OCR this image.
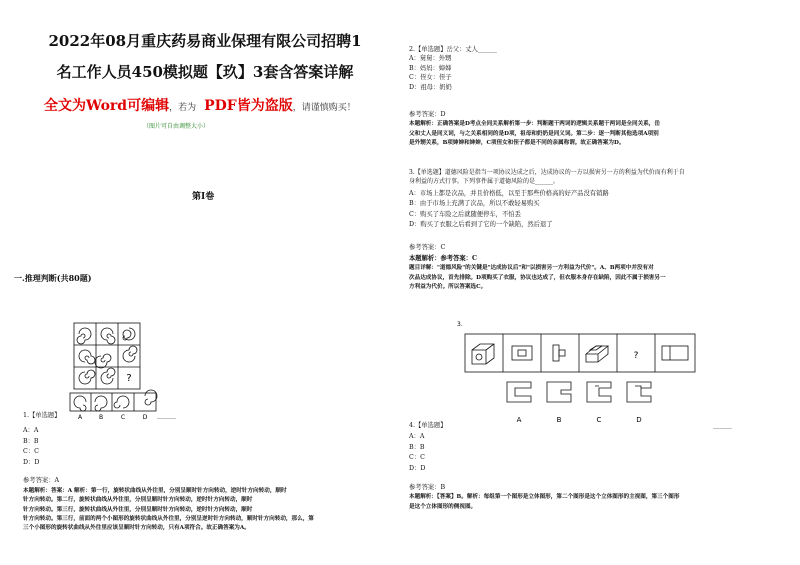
2022年08月重庆药易商业保理有限公司招聘1
名工作人员450模拟题【玖】3套含答案详解
全文为Word可编辑，若为 PDF皆为盗版，请谨慎购买！
（图片可自由调整大小）
第I卷
一.推理判断(共80题)
?
A	B	C	D
1.【单选题】	______
A：A
B：B
C：C
D：D
参考答案：A
本题解析：答案：A 解析：第一行，旋转状曲线从外往里，分别呈顺时针方向转动，逆时针方向转动，顺时
针方向转动。第二行，旋转状曲线从外往里，分别呈顺时针方向转动，逆时针方向转动，顺时
针方向转动。第三行，旋转状曲线从外往里，分别呈顺时针方向转动，逆时针方向转动，顺时
针方向转动。第三行，前面的两个小图形的旋转状曲线从外往里，分别呈逆时针方向转动，顺时针方向转动，那么，第
三个小图形的旋转状曲线从外往里应该呈顺时针方向转动，只有A项符合。故正确答案为A。
2.【单选题】岳父：丈人______
A：舅舅：外甥
B：妈妈：婶婶
C：侄女：侄子
D：祖母：奶奶
参考答案：D
本题解析：正确答案是D考点全同关系解析第一步：判断题干两词的逻辑关系题干两词是全同关系，岳
父和丈人是同义词，与之关系相同的是D项，祖母和奶奶是同义词。第二步：逐一判断其他选项A项别
是外甥关系，B项婶婶和婶婶，C项侄女和侄子都是不同的亲属称谓。故正确答案为D。
3.【单选题】道德风险是指当一项协议达成之后，达成协议的一方以损害另一方的利益为代价而有利于自
身利益的方式行事。下列事件属于道德风险的是______。
A：市场上都是次品，并且价格低，以至于那些价格高的好产品没有销路
B：由于市场上充满了次品，所以不敢轻易购买
C：购买了车险之后就随便停车，不怕丢
D：购买了衣服之后看到了它的一个缺陷，然后退了
参考答案：C
本题解析：参考答案：C
题目详解："道德风险"的关键是"达成协议后"和"以损害另一方利益为代价"。A、B两项中并没有对
次品达成协议，首先排除。D项购买了衣服，协议也达成了，但衣服本身存在缺陷，因此不属于损害另一
方利益为代价。所以答案选C。
3.
?
A	B	C	D
4.【单选题】	______
A：A
B：B
C：C
D：D
参考答案：B
本题解析：【答案】B。解析：每组第一个图形是立体图形，第二个图形是这个立体图形的主视图，第三个图形
是这个立体图形的侧视图。
